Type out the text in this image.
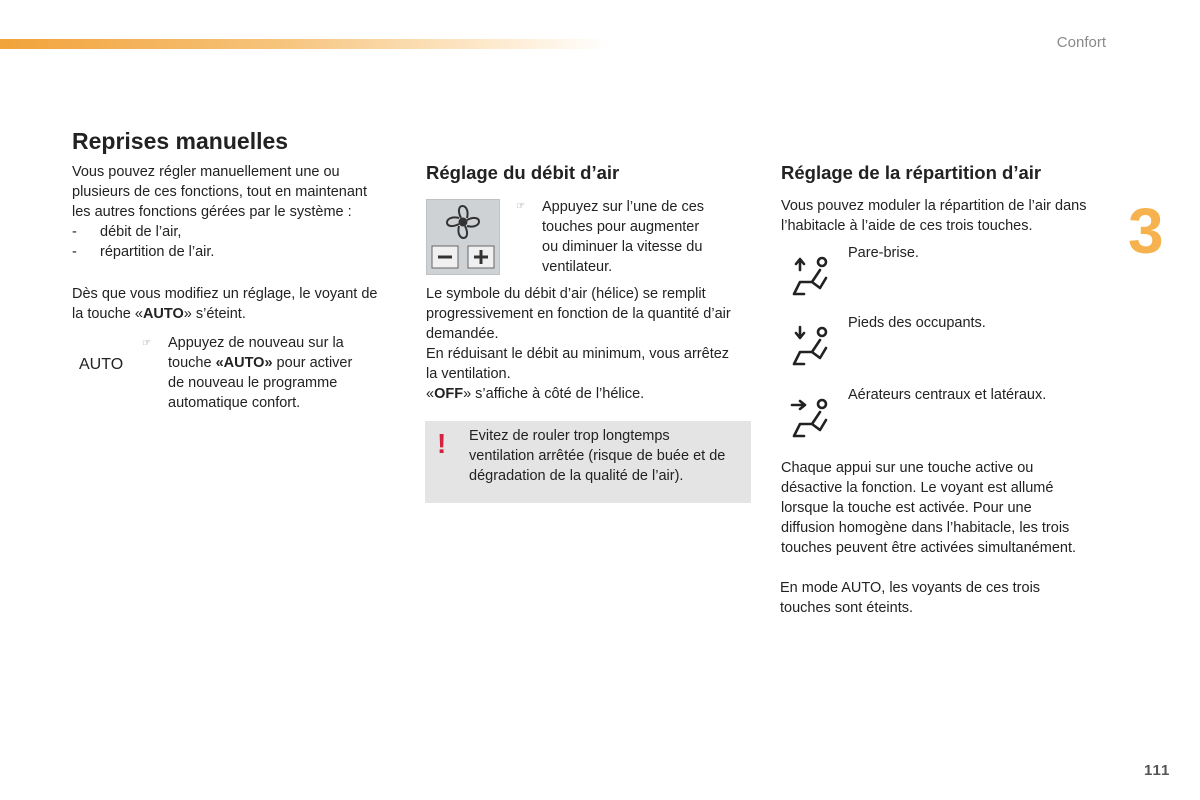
Confort
3
111
Reprises manuelles

Vous pouvez régler manuellement une ou

plusieurs de ces fonctions, tout en maintenant

les autres fonctions gérées par le système :

-	débit de l’air,

-	répartition de l’air.

Dès que vous modifiez un réglage, le voyant de

la touche «AUTO» s’éteint.

AUTO
☞ Appuyez de nouveau sur la

touche «AUTO» pour activer

de nouveau le programme

automatique confort.

Réglage du débit d’air
☞ Appuyez sur l’une de ces

touches pour augmenter

ou diminuer la vitesse du

ventilateur.

Le symbole du débit d’air (hélice) se remplit

progressivement en fonction de la quantité d’air

demandée.

En réduisant le débit au minimum, vous arrêtez

la ventilation.

«OFF» s’affiche à côté de l’hélice.

! Evitez de rouler trop longtemps

ventilation arrêtée (risque de buée et de

dégradation de la qualité de l’air).

Réglage de la répartition d’air

Vous pouvez moduler la répartition de l’air dans

l’habitacle à l’aide de ces trois touches.

Pare-brise.
Pieds des occupants.
Aérateurs centraux et latéraux.

Chaque appui sur une touche active ou

désactive la fonction. Le voyant est allumé

lorsque la touche est activée. Pour une

diffusion homogène dans l’habitacle, les trois

touches peuvent être activées simultanément.

En mode AUTO, les voyants de ces trois

touches sont éteints.
